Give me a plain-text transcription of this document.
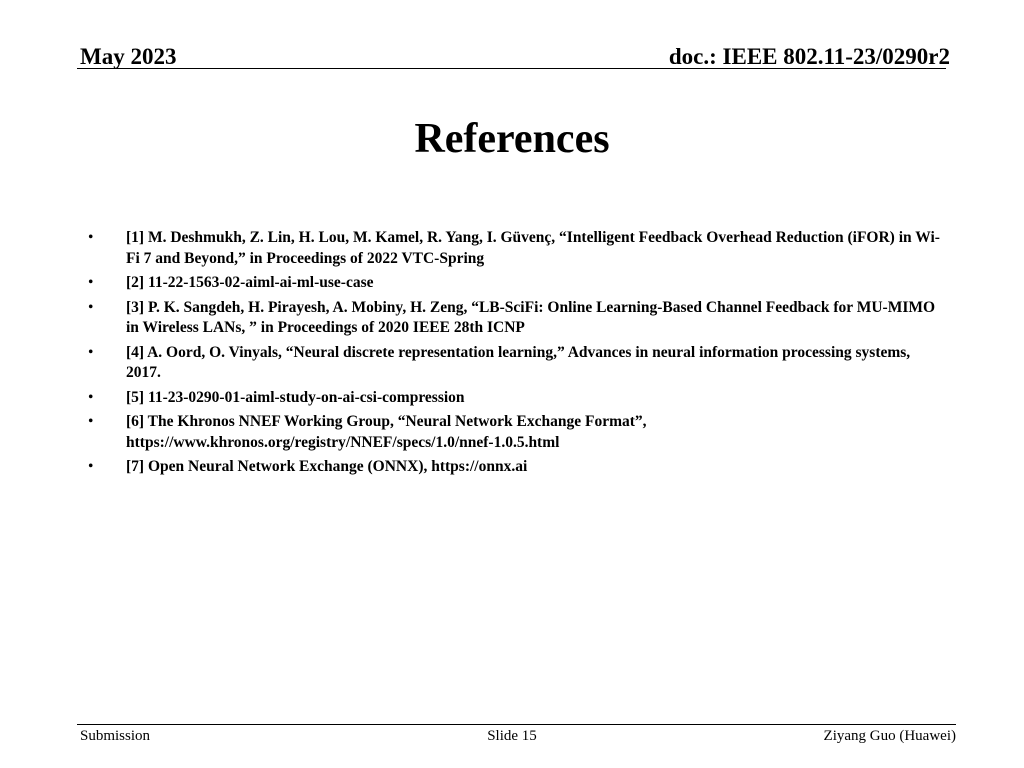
May 2023	doc.: IEEE 802.11-23/0290r2
References
• [1] M. Deshmukh, Z. Lin, H. Lou, M. Kamel, R. Yang, I. Güvenç, “Intelligent Feedback Overhead Reduction (iFOR) in Wi-Fi 7 and Beyond,” in Proceedings of 2022 VTC-Spring
• [2] 11-22-1563-02-aiml-ai-ml-use-case
• [3] P. K. Sangdeh, H. Pirayesh, A. Mobiny, H. Zeng, “LB-SciFi: Online Learning-Based Channel Feedback for MU-MIMO in Wireless LANs, ” in Proceedings of 2020 IEEE 28th ICNP
• [4] A. Oord, O. Vinyals, “Neural discrete representation learning,” Advances in neural information processing systems, 2017.
• [5] 11-23-0290-01-aiml-study-on-ai-csi-compression
• [6] The Khronos NNEF Working Group, “Neural Network Exchange Format”, https://www.khronos.org/registry/NNEF/specs/1.0/nnef-1.0.5.html
• [7] Open Neural Network Exchange (ONNX), https://onnx.ai
Submission	Slide 15	Ziyang Guo (Huawei)
